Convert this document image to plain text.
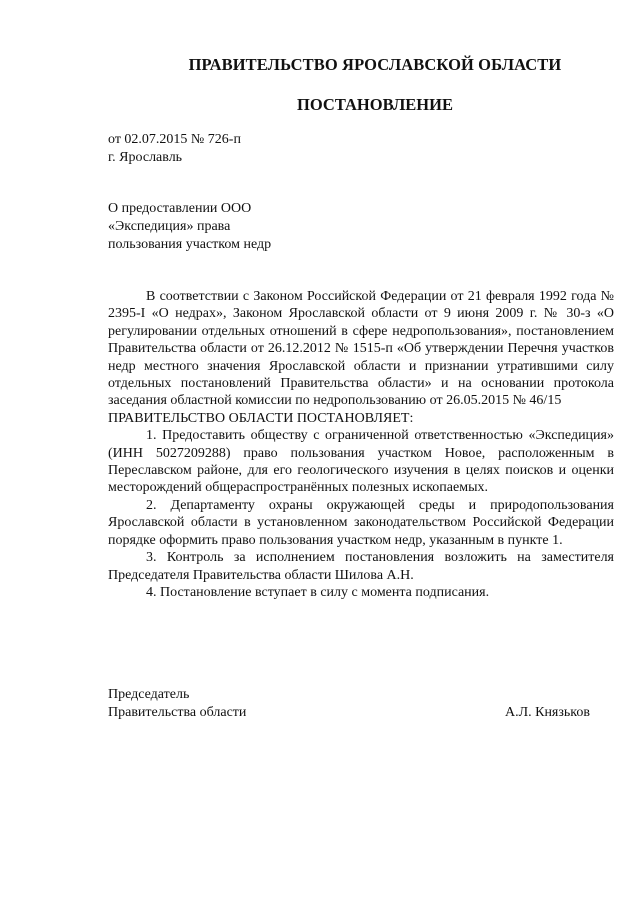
ПРАВИТЕЛЬСТВО ЯРОСЛАВСКОЙ ОБЛАСТИ
ПОСТАНОВЛЕНИЕ
от 02.07.2015 № 726-п
г. Ярославль
О предоставлении ООО
«Экспедиция» права
пользования участком недр

В соответствии с Законом Российской Федерации от 21 февраля 1992 года № 2395-I «О недрах», Законом Ярославской области от 9 июня 2009 г. № 30-з «О регулировании отдельных отношений в сфере недропользования», постановлением Правительства области от 26.12.2012 № 1515-п «Об утверждении Перечня участков недр местного значения Ярославской области и признании утратившими силу отдельных постановлений Правительства области» и на основании протокола заседания областной комиссии по недропользованию от 26.05.2015 № 46/15

ПРАВИТЕЛЬСТВО ОБЛАСТИ ПОСТАНОВЛЯЕТ:

1. Предоставить обществу с ограниченной ответственностью «Экспедиция» (ИНН 5027209288) право пользования участком Новое, расположенным в Переславском районе, для его геологического изучения в целях поисков и оценки месторождений общераспространённых полезных ископаемых.

2. Департаменту охраны окружающей среды и природопользования Ярославской области в установленном законодательством Российской Федерации порядке оформить право пользования участком недр, указанным в пункте 1.

3. Контроль за исполнением постановления возложить на заместителя Председателя Правительства области Шилова А.Н.

4. Постановление вступает в силу с момента подписания.

Председатель
Правительства области	А.Л. Князьков
